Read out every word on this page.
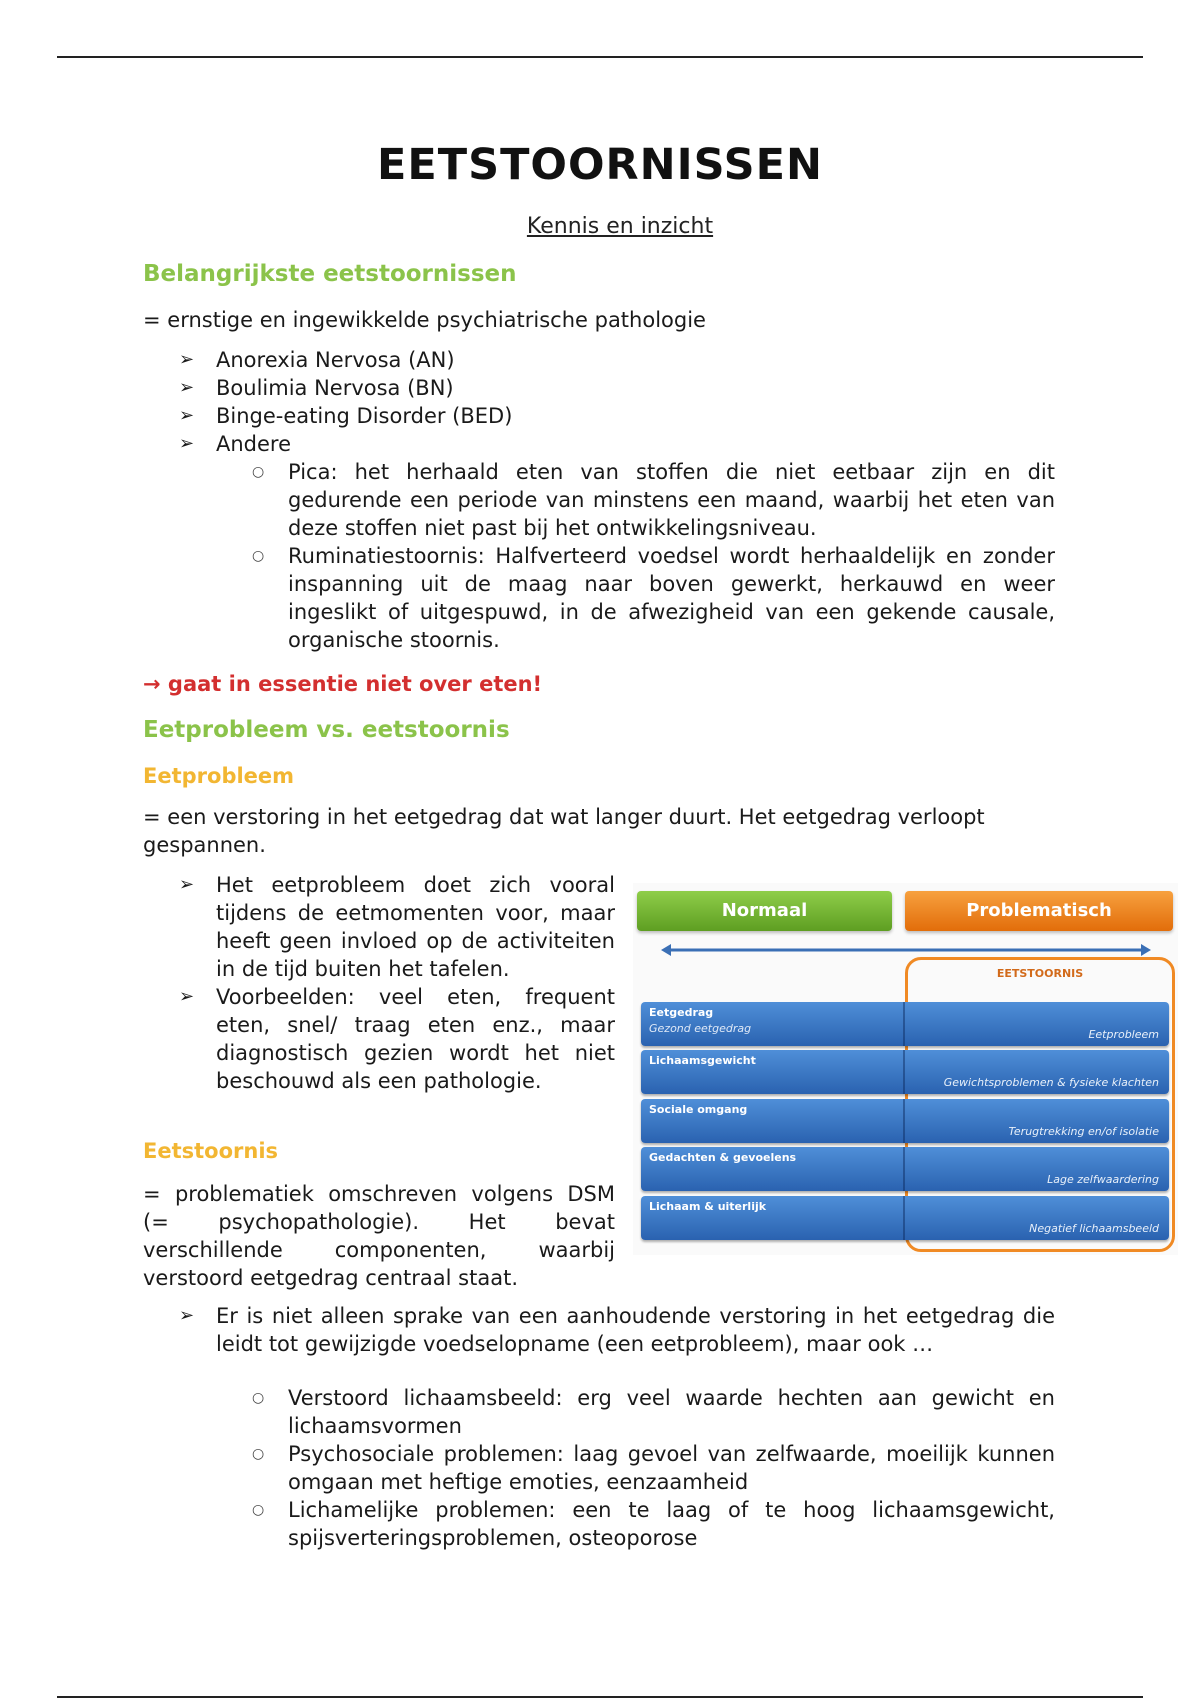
EETSTOORNISSEN
Kennis en inzicht
Belangrijkste eetstoornissen
= ernstige en ingewikkelde psychiatrische pathologie
➢ Anorexia Nervosa (AN)
➢ Boulimia Nervosa (BN)
➢ Binge-eating Disorder (BED)
➢ Andere
○ Pica: het herhaald eten van stoffen die niet eetbaar zijn en dit gedurende een periode van minstens een maand, waarbij het eten van deze stoffen niet past bij het ontwikkelingsniveau.
○ Ruminatiestoornis: Halfverteerd voedsel wordt herhaaldelijk en zonder inspanning uit de maag naar boven gewerkt, herkauwd en weer ingeslikt of uitgespuwd, in de afwezigheid van een gekende causale, organische stoornis.
→ gaat in essentie niet over eten!
Eetprobleem vs. eetstoornis
Eetprobleem
= een verstoring in het eetgedrag dat wat langer duurt. Het eetgedrag verloopt gespannen.
➢ Het eetprobleem doet zich vooral tijdens de eetmomenten voor, maar heeft geen invloed op de activiteiten in de tijd buiten het tafelen.
➢ Voorbeelden: veel eten, frequent eten, snel/ traag eten enz., maar diagnostisch gezien wordt het niet beschouwd als een pathologie.
Eetstoornis
= problematiek omschreven volgens DSM (= psychopathologie). Het bevat verschillende componenten, waarbij verstoord eetgedrag centraal staat.
➢ Er is niet alleen sprake van een aanhoudende verstoring in het eetgedrag die leidt tot gewijzigde voedselopname (een eetprobleem), maar ook …
○ Verstoord lichaamsbeeld: erg veel waarde hechten aan gewicht en lichaamsvormen
○ Psychosociale problemen: laag gevoel van zelfwaarde, moeilijk kunnen omgaan met heftige emoties, eenzaamheid
○ Lichamelijke problemen: een te laag of te hoog lichaamsgewicht, spijsverteringsproblemen, osteoporose
Normaal	Problematisch
EETSTOORNIS
Eetgedrag
Gezond eetgedrag	Eetprobleem
Lichaamsgewicht
Gewichtsproblemen & fysieke klachten
Sociale omgang
Terugtrekking en/of isolatie
Gedachten & gevoelens
Lage zelfwaardering
Lichaam & uiterlijk
Negatief lichaamsbeeld
